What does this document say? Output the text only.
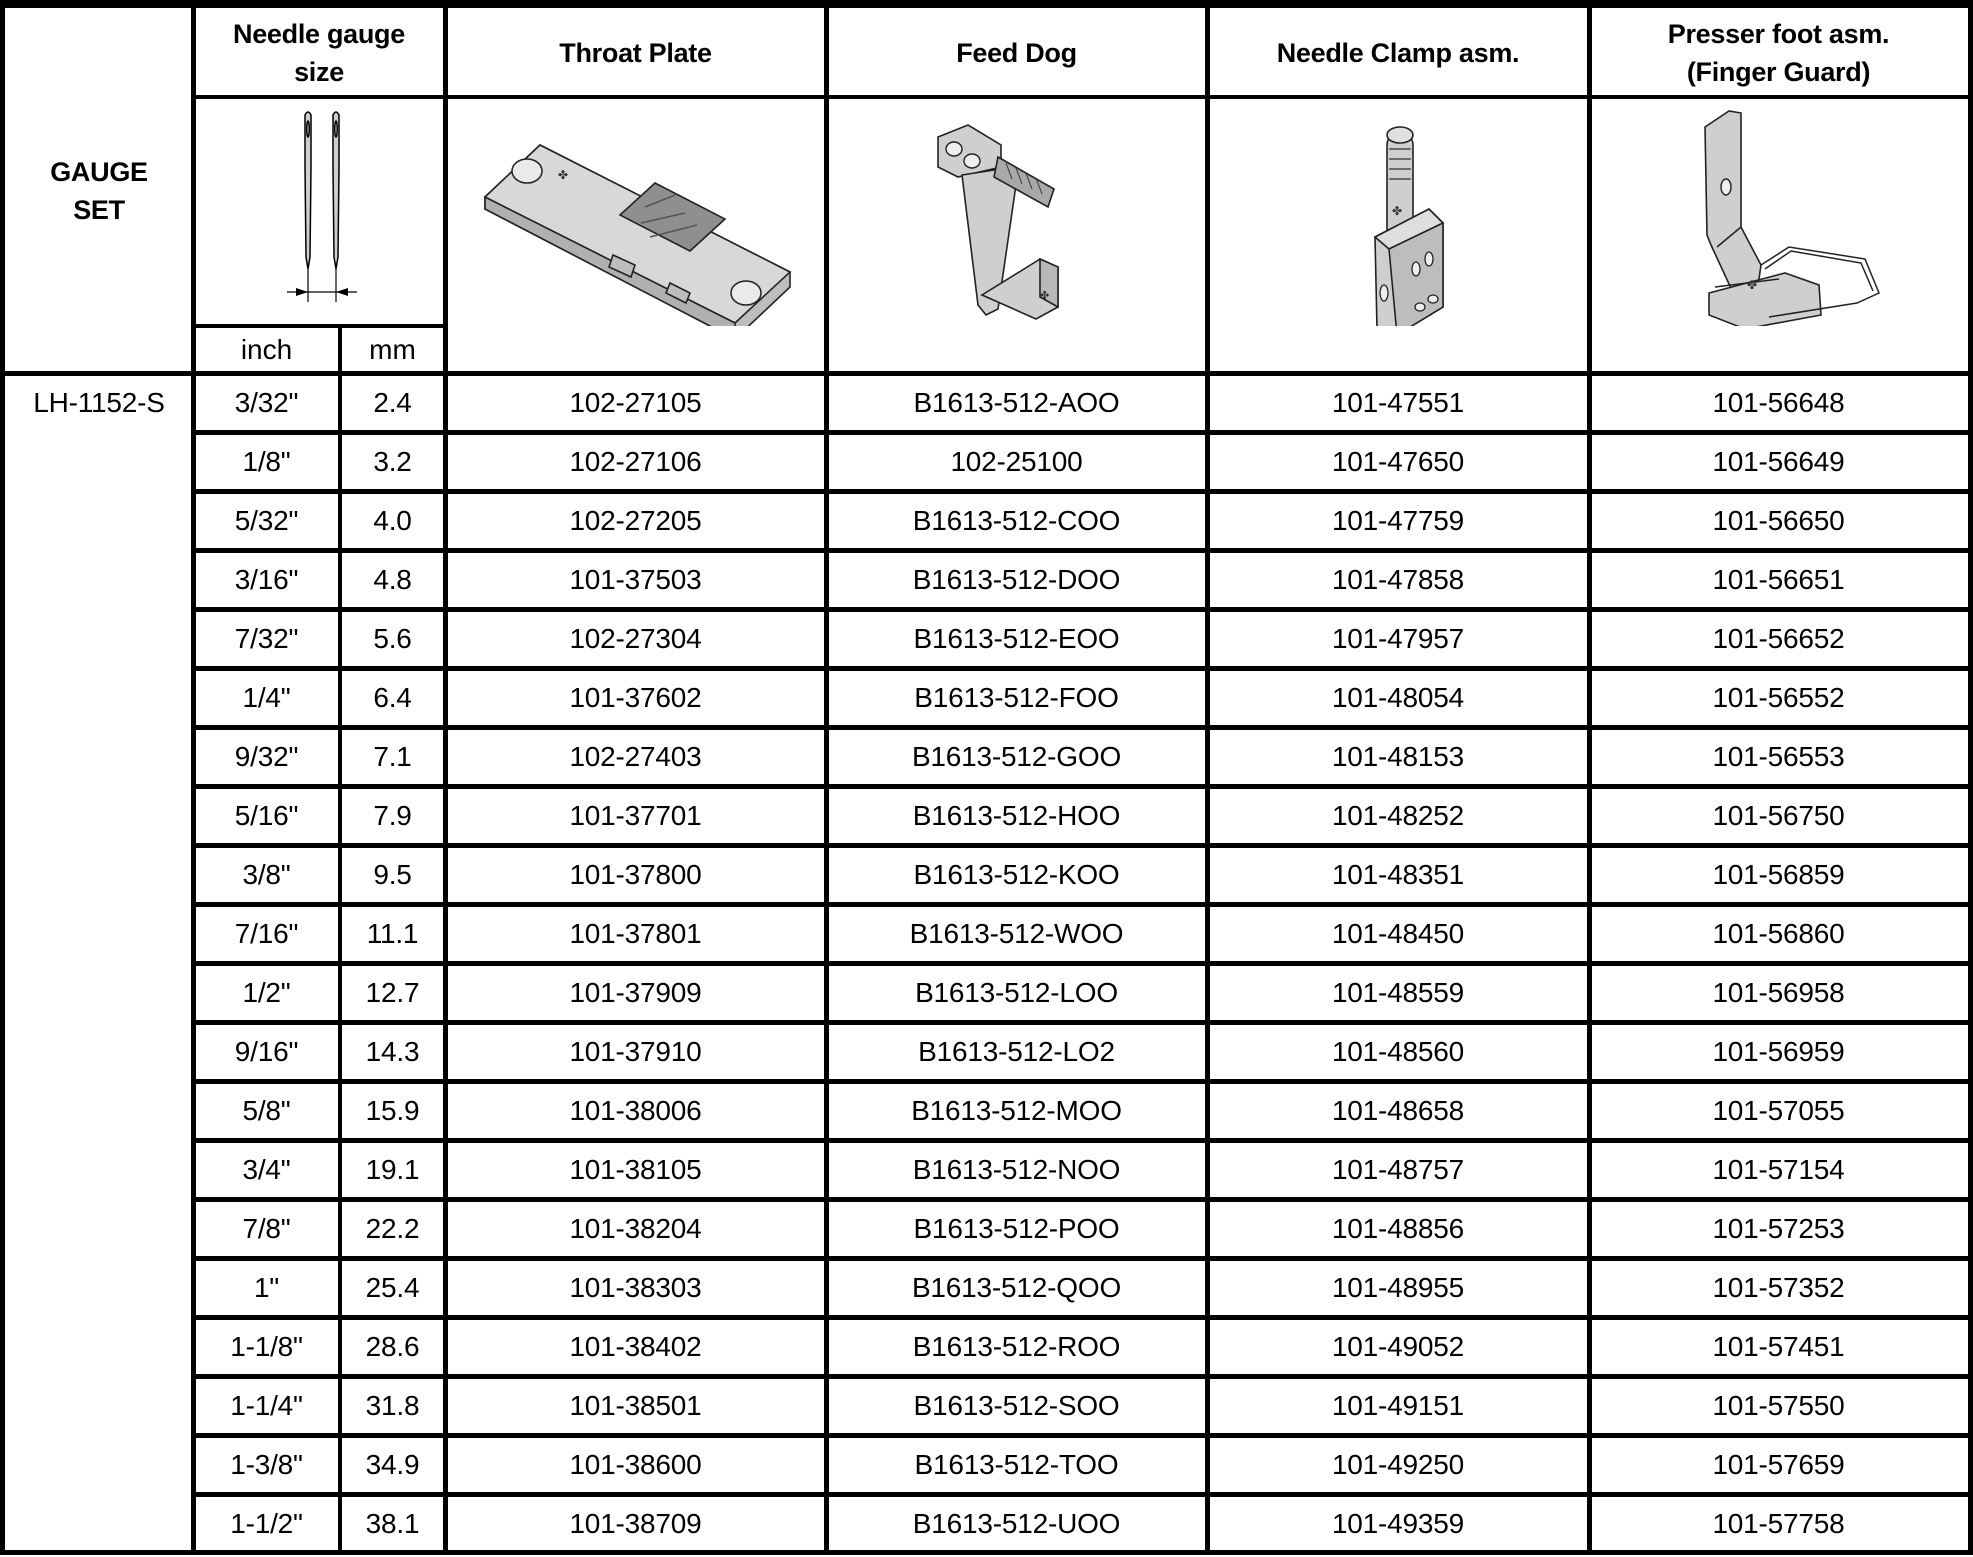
GAUGE
SET
Needle gauge
size
Throat Plate	Feed Dog	Needle Clamp asm.
Presser foot asm.
(Finger Guard)
inch	mm
✤
✤
✤
✤
LH-1152-S	3/32"	2.4	102-27105	B1613-512-AOO	101-47551	101-56648
1/8"	3.2	102-27106	102-25100	101-47650	101-56649
5/32"	4.0	102-27205	B1613-512-COO	101-47759	101-56650
3/16"	4.8	101-37503	B1613-512-DOO	101-47858	101-56651
7/32"	5.6	102-27304	B1613-512-EOO	101-47957	101-56652
1/4"	6.4	101-37602	B1613-512-FOO	101-48054	101-56552
9/32"	7.1	102-27403	B1613-512-GOO	101-48153	101-56553
5/16"	7.9	101-37701	B1613-512-HOO	101-48252	101-56750
3/8"	9.5	101-37800	B1613-512-KOO	101-48351	101-56859
7/16" 11.1	101-37801	B1613-512-WOO	101-48450	101-56860
1/2"	12.7	101-37909	B1613-512-LOO	101-48559	101-56958
9/16" 14.3	101-37910	B1613-512-LO2	101-48560	101-56959
5/8"	15.9	101-38006	B1613-512-MOO	101-48658	101-57055
3/4"	19.1	101-38105	B1613-512-NOO	101-48757	101-57154
7/8"	22.2	101-38204	B1613-512-POO	101-48856	101-57253
1"	25.4	101-38303	B1613-512-QOO	101-48955	101-57352
1-1/8" 28.6	101-38402	B1613-512-ROO	101-49052	101-57451
1-1/4" 31.8	101-38501	B1613-512-SOO	101-49151	101-57550
1-3/8" 34.9	101-38600	B1613-512-TOO	101-49250	101-57659
1-1/2" 38.1	101-38709	B1613-512-UOO	101-49359	101-57758
